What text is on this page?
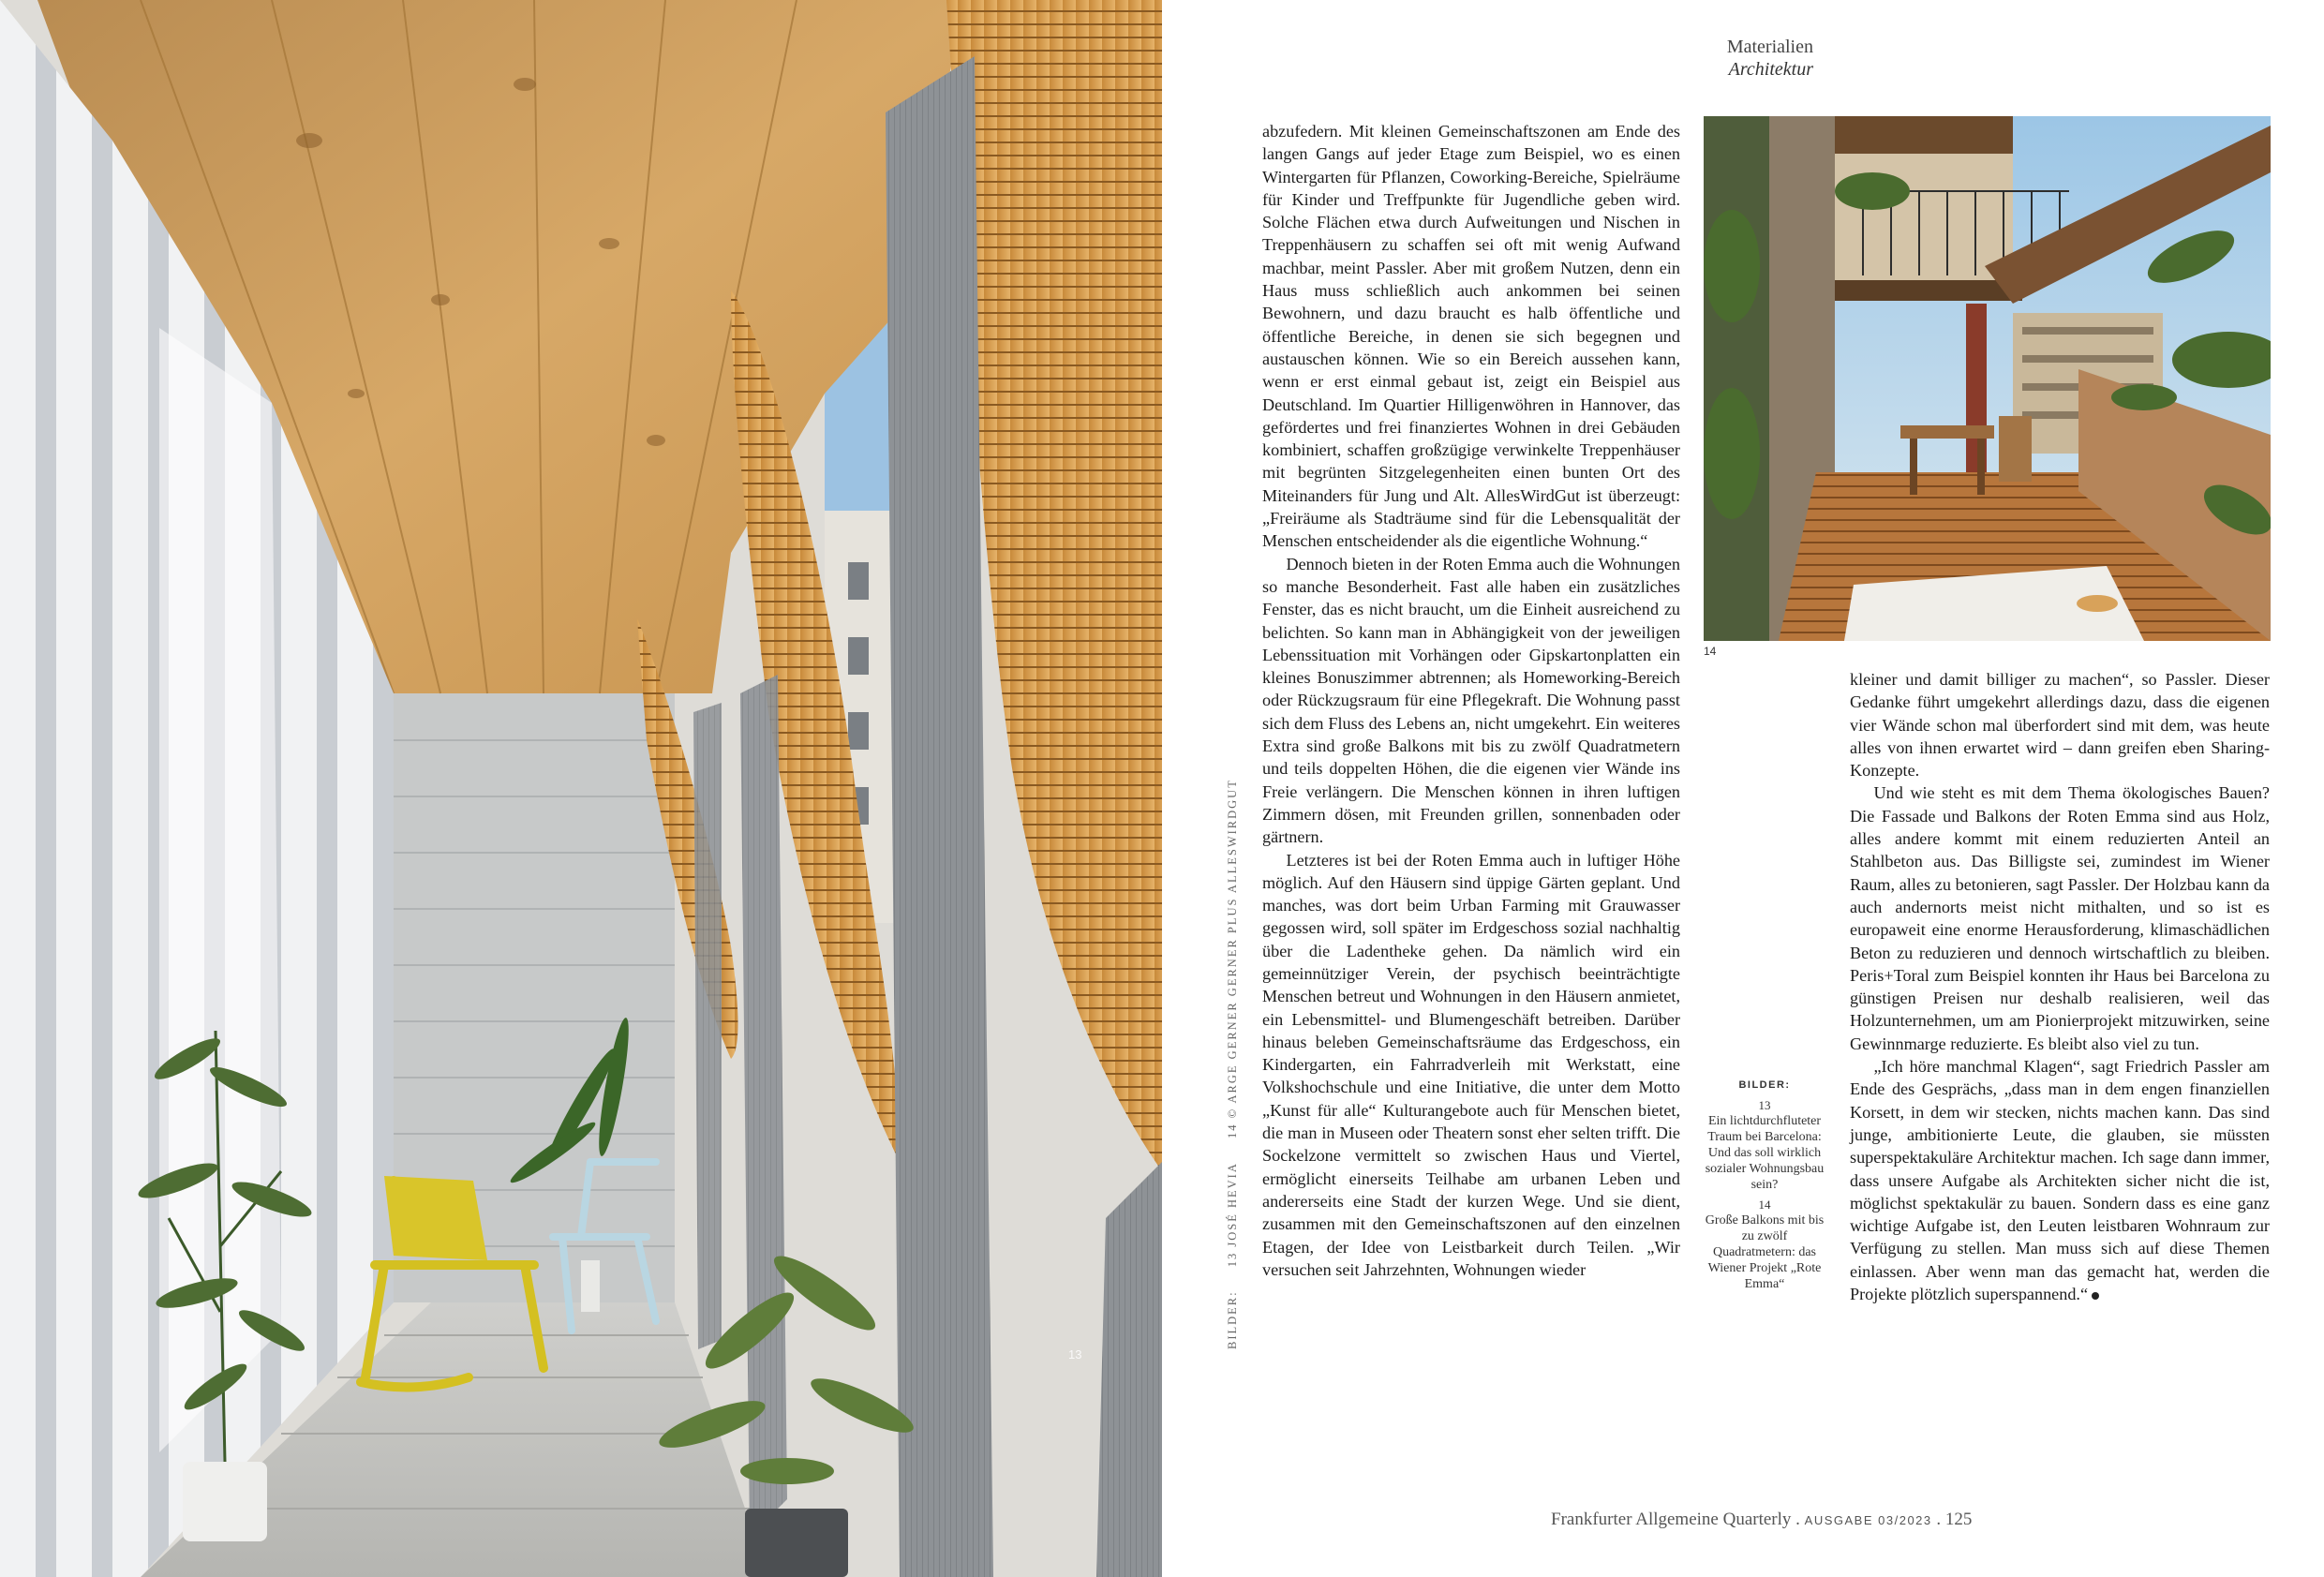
13
BILDER: 13 JOSÉ HEVIA 14 © ARGE GERNER GERNER PLUS ALLESWIRDGUT
Materialien
Architektur

abzufedern. Mit kleinen Gemeinschaftszonen am Ende des langen Gangs auf jeder Etage zum Beispiel, wo es einen Wintergarten für Pflanzen, Coworking-Bereiche, Spielräume für Kinder und Treffpunkte für Jugendliche geben wird. Solche Flächen etwa durch Aufweitungen und Nischen in Treppenhäusern zu schaffen sei oft mit wenig Aufwand machbar, meint Passler. Aber mit großem Nutzen, denn ein Haus muss schließlich auch ankommen bei seinen Bewohnern, und dazu braucht es halb öffentliche und öffentliche Bereiche, in denen sie sich begegnen und austauschen können. Wie so ein Bereich aussehen kann, wenn er erst einmal gebaut ist, zeigt ein Beispiel aus Deutschland. Im Quartier Hilligenwöhren in Hannover, das gefördertes und frei finanziertes Wohnen in drei Gebäuden kombiniert, schaffen großzügige verwinkelte Treppenhäuser mit begrünten Sitzgelegenheiten einen bunten Ort des Miteinanders für Jung und Alt. AllesWirdGut ist überzeugt: „Freiräume als Stadträume sind für die Lebensqualität der Menschen entscheidender als die eigentliche Wohnung.“

Dennoch bieten in der Roten Emma auch die Wohnungen so manche Besonderheit. Fast alle haben ein zusätzliches Fenster, das es nicht braucht, um die Einheit ausreichend zu belichten. So kann man in Abhängigkeit von der jeweiligen Lebenssituation mit Vorhängen oder Gipskartonplatten ein kleines Bonuszimmer abtrennen; als Homeworking-Bereich oder Rückzugsraum für eine Pflegekraft. Die Wohnung passt sich dem Fluss des Lebens an, nicht umgekehrt. Ein weiteres Extra sind große Balkons mit bis zu zwölf Quadratmetern und teils doppelten Höhen, die die eigenen vier Wände ins Freie verlängern. Die Menschen können in ihren luftigen Zimmern dösen, mit Freunden grillen, sonnenbaden oder gärtnern.

Letzteres ist bei der Roten Emma auch in luftiger Höhe möglich. Auf den Häusern sind üppige Gärten geplant. Und manches, was dort beim Urban Farming mit Grauwasser gegossen wird, soll später im Erdgeschoss sozial nachhaltig über die Ladentheke gehen. Da nämlich wird ein gemeinnütziger Verein, der psychisch beeinträchtigte Menschen betreut und Wohnungen in den Häusern anmietet, ein Lebensmittel- und Blumengeschäft betreiben. Darüber hinaus beleben Gemeinschaftsräume das Erdgeschoss, ein Kindergarten, ein Fahrradverleih mit Werkstatt, eine Volkshochschule und eine Initiative, die unter dem Motto „Kunst für alle“ Kulturangebote auch für Menschen bietet, die man in Museen oder Theatern sonst eher selten trifft. Die Sockelzone vermittelt so zwischen Haus und Viertel, ermöglicht einerseits Teilhabe am urbanen Leben und andererseits eine Stadt der kurzen Wege. Und sie dient, zusammen mit den Gemeinschaftszonen auf den einzelnen Etagen, der Idee von Leistbarkeit durch Teilen. „Wir versuchen seit Jahrzehnten, Wohnungen wieder

14
BILDER:
13
Ein lichtdurchfluteter Traum bei Barcelona: Und das soll wirklich sozialer Wohnungsbau sein?
14
Große Balkons mit bis zu zwölf Quadratmetern: das Wiener Projekt „Rote Emma“

kleiner und damit billiger zu machen“, so Passler. Dieser Gedanke führt umgekehrt allerdings dazu, dass die eigenen vier Wände schon mal überfordert sind mit dem, was heute alles von ihnen erwartet wird – dann greifen eben Sharing-Konzepte.

Und wie steht es mit dem Thema ökologisches Bauen? Die Fassade und Balkons der Roten Emma sind aus Holz, alles andere kommt mit einem reduzierten Anteil an Stahlbeton aus. Das Billigste sei, zumindest im Wiener Raum, alles zu betonieren, sagt Passler. Der Holzbau kann da auch andernorts meist nicht mithalten, und so ist es europaweit eine enorme Herausforderung, klimaschädlichen Beton zu reduzieren und dennoch wirtschaftlich zu bleiben. Peris+Toral zum Beispiel konnten ihr Haus bei Barcelona zu günstigen Preisen nur deshalb realisieren, weil das Holzunternehmen, um am Pionierprojekt mitzuwirken, seine Gewinnmarge reduzierte. Es bleibt also viel zu tun.

„Ich höre manchmal Klagen“, sagt Friedrich Passler am Ende des Gesprächs, „dass man in dem engen finanziellen Korsett, in dem wir stecken, nichts machen kann. Das sind junge, ambitionierte Leute, die glauben, sie müssten superspektakuläre Architektur machen. Ich sage dann immer, dass unsere Aufgabe als Architekten sicher nicht die ist, möglichst spektakulär zu bauen. Sondern dass es eine ganz wichtige Aufgabe ist, den Leuten leistbaren Wohnraum zur Verfügung zu stellen. Man muss sich auf diese Themen einlassen. Aber wenn man das gemacht hat, werden die Projekte plötzlich superspannend.“

Frankfurter Allgemeine Quarterly . AUSGABE 03/2023 . 125
